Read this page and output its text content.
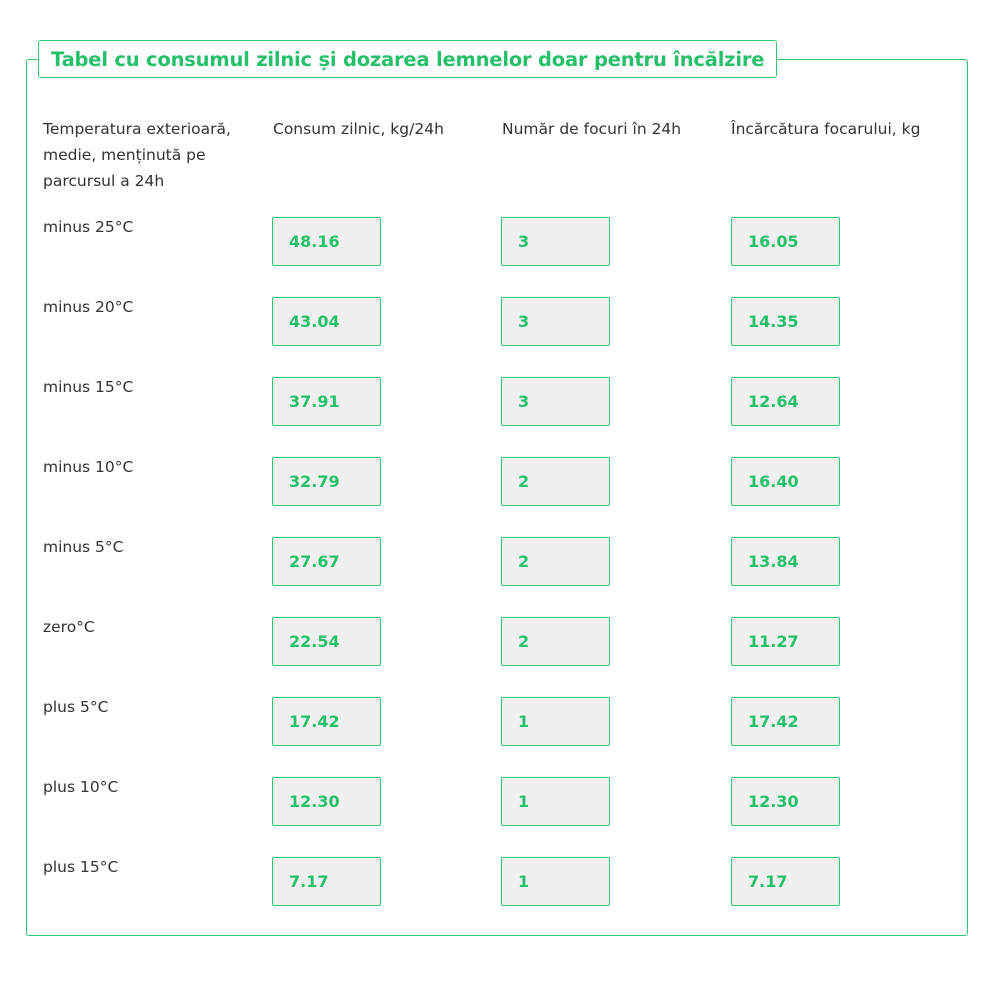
Tabel cu consumul zilnic și dozarea lemnelor doar pentru încălzire
Temperatura exterioară, medie, menținută pe parcursul a 24h
Consum zilnic, kg/24h	Număr de focuri în 24h	Încărcătura focarului, kg
minus 25°C
48.16	3	16.05
minus 20°C
43.04	3	14.35
minus 15°C
37.91	3	12.64
minus 10°C
32.79	2	16.40
minus 5°C
27.67	2	13.84
zero°C
22.54	2	11.27
plus 5°C
17.42	1	17.42
plus 10°C
12.30	1	12.30
plus 15°C
7.17	1	7.17
